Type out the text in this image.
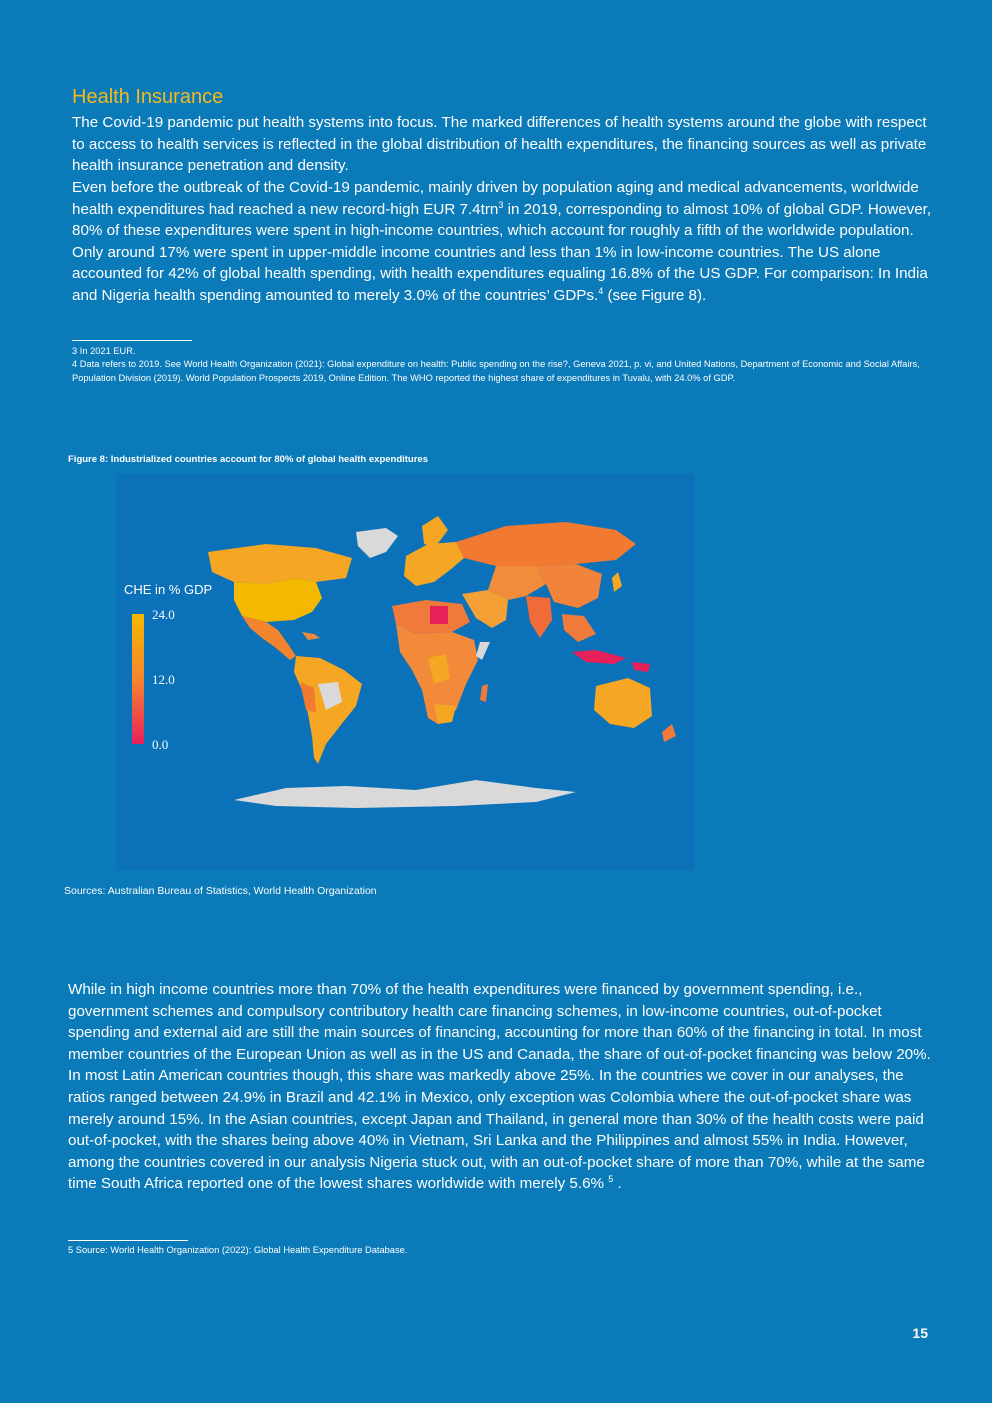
Health Insurance

The Covid-19 pandemic put health systems into focus. The marked differences of health systems around the globe with respect to access to health services is reflected in the global distribution of health expenditures, the financing sources as well as private health insurance penetration and density.

Even before the outbreak of the Covid-19 pandemic, mainly driven by population aging and medical advancements, worldwide health expenditures had reached a new record-high EUR 7.4trn$^3$ in 2019, corresponding to almost 10% of global GDP. However, 80% of these expenditures were spent in high-income countries, which account for roughly a fifth of the worldwide population. Only around 17% were spent in upper-middle income countries and less than 1% in low-income countries. The US alone accounted for 42% of global health spending, with health expenditures equaling 16.8% of the US GDP. For comparison: In India and Nigeria health spending amounted to merely 3.0% of the countries’ GDPs.$^4$ (see Figure 8).

3 In 2021 EUR.

4 Data refers to 2019. See World Health Organization (2021): Global expenditure on health: Public spending on the rise?, Geneva 2021, p. vi, and United Nations, Department of Economic and Social Affairs, Population Division (2019). World Population Prospects 2019, Online Edition. The WHO reported the highest share of expenditures in Tuvalu, with 24.0% of GDP.

Figure 8: Industrialized countries account for 80% of global health expenditures

CHE in % GDP
24.0
12.0
0.0

Sources: Australian Bureau of Statistics, World Health Organization

While in high income countries more than 70% of the health expenditures were financed by government spending, i.e., government schemes and compulsory contributory health care financing schemes, in low-income countries, out-of-pocket spending and external aid are still the main sources of financing, accounting for more than 60% of the financing in total. In most member countries of the European Union as well as in the US and Canada, the share of out-of-pocket financing was below 20%. In most Latin American countries though, this share was markedly above 25%. In the countries we cover in our analyses, the ratios ranged between 24.9% in Brazil and 42.1% in Mexico, only exception was Colombia where the out-of-pocket share was merely around 15%. In the Asian countries, except Japan and Thailand, in general more than 30% of the health costs were paid out-of-pocket, with the shares being above 40% in Vietnam, Sri Lanka and the Philippines and almost 55% in India. However, among the countries covered in our analysis Nigeria stuck out, with an out-of-pocket share of more than 70%, while at the same time South Africa reported one of the lowest shares worldwide with merely 5.6% $^5$ .

5 Source: World Health Organization (2022): Global Health Expenditure Database.

15
